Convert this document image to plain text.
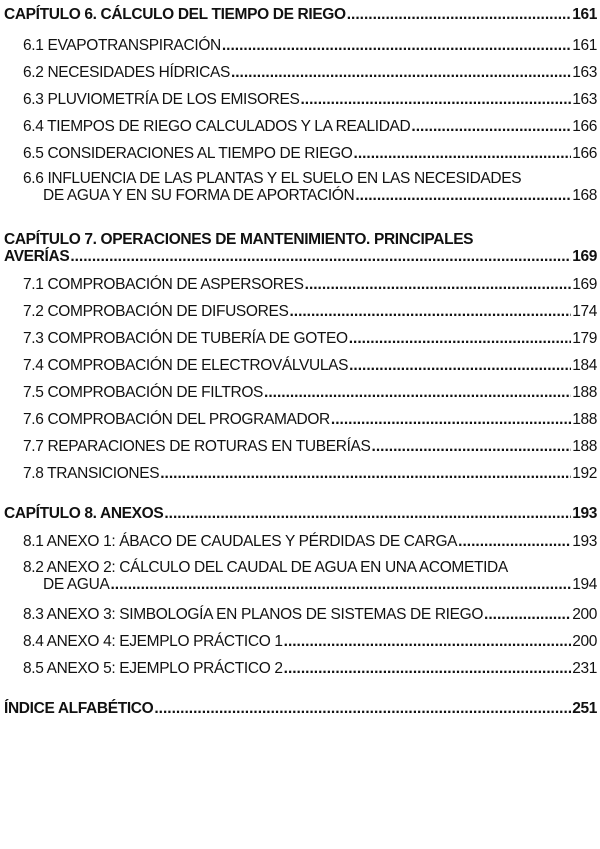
CAPÍTULO 6. CÁLCULO DEL TIEMPO DE RIEGO .....	161
6.1 EVAPOTRANSPIRACIÓN .....	161
6.2 NECESIDADES HÍDRICAS .....	163
6.3 PLUVIOMETRÍA DE LOS EMISORES .....	163
6.4 TIEMPOS DE RIEGO CALCULADOS Y LA REALIDAD .....	166
6.5 CONSIDERACIONES AL TIEMPO DE RIEGO .....	166
6.6 INFLUENCIA DE LAS PLANTAS Y EL SUELO EN LAS NECESIDADES
DE AGUA Y EN SU FORMA DE APORTACIÓN .....	168
CAPÍTULO 7. OPERACIONES DE MANTENIMIENTO. PRINCIPALES
AVERÍAS .....	169
7.1 COMPROBACIÓN DE ASPERSORES .....	169
7.2 COMPROBACIÓN DE DIFUSORES .....	174
7.3 COMPROBACIÓN DE TUBERÍA DE GOTEO .....	179
7.4 COMPROBACIÓN DE ELECTROVÁLVULAS .....	184
7.5 COMPROBACIÓN DE FILTROS .....	188
7.6 COMPROBACIÓN DEL PROGRAMADOR .....	188
7.7 REPARACIONES DE ROTURAS EN TUBERÍAS .....	188
7.8 TRANSICIONES .....	192
CAPÍTULO 8. ANEXOS .....	193
8.1 ANEXO 1: ÁBACO DE CAUDALES Y PÉRDIDAS DE CARGA .....	193
8.2 ANEXO 2: CÁLCULO DEL CAUDAL DE AGUA EN UNA ACOMETIDA
DE AGUA .....	194
8.3 ANEXO 3: SIMBOLOGÍA EN PLANOS DE SISTEMAS DE RIEGO .....	200
8.4 ANEXO 4: EJEMPLO PRÁCTICO 1 .....	200
8.5 ANEXO 5: EJEMPLO PRÁCTICO 2 .....	231
ÍNDICE ALFABÉTICO .....	251
